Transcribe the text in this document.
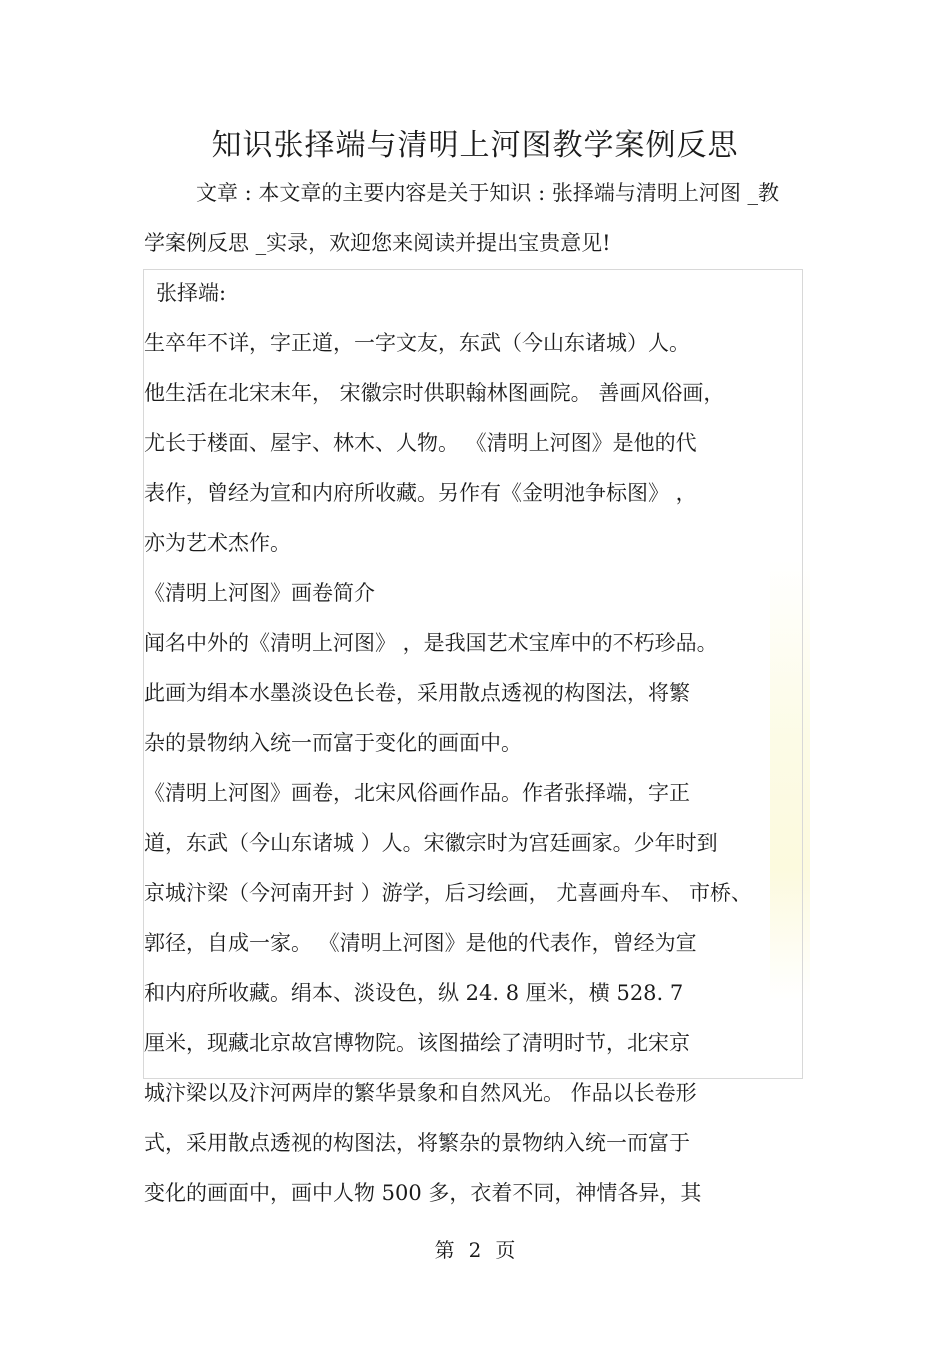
知识张择端与清明上河图教学案例反思

文章 : 本文章的主要内容是关于知识 : 张择端与清明上河图 _教学案例反思 _实录，欢迎您来阅读并提出宝贵意见!

张择端:
生卒年不详，字正道，一字文友，东武（今山东诸城）人。
他生活在北宋末年， 宋徽宗时供职翰林图画院。 善画风俗画，
尤长于楼面、屋宇、林木、人物。 《清明上河图》是他的代
表作，曾经为宣和内府所收藏。另作有《金明池争标图》 ，
亦为艺术杰作。
《清明上河图》画卷简介
闻名中外的《清明上河图》 ，是我国艺术宝库中的不朽珍品。
此画为绢本水墨淡设色长卷，采用散点透视的构图法，将繁
杂的景物纳入统一而富于变化的画面中。
《清明上河图》画卷，北宋风俗画作品。作者张择端，字正
道，东武（今山东诸城 ）人。宋徽宗时为宫廷画家。少年时到
京城汴梁（今河南开封 ）游学，后习绘画， 尤喜画舟车、 市桥、
郭径，自成一家。 《清明上河图》是他的代表作，曾经为宣
和内府所收藏。绢本、淡设色，纵 24. 8 厘米，横 528. 7
厘米，现藏北京故宫博物院。该图描绘了清明时节，北宋京
城汴梁以及汴河两岸的繁华景象和自然风光。 作品以长卷形
式，采用散点透视的构图法，将繁杂的景物纳入统一而富于
变化的画面中，画中人物 500 多，衣着不同，神情各异，其
第 2 页
